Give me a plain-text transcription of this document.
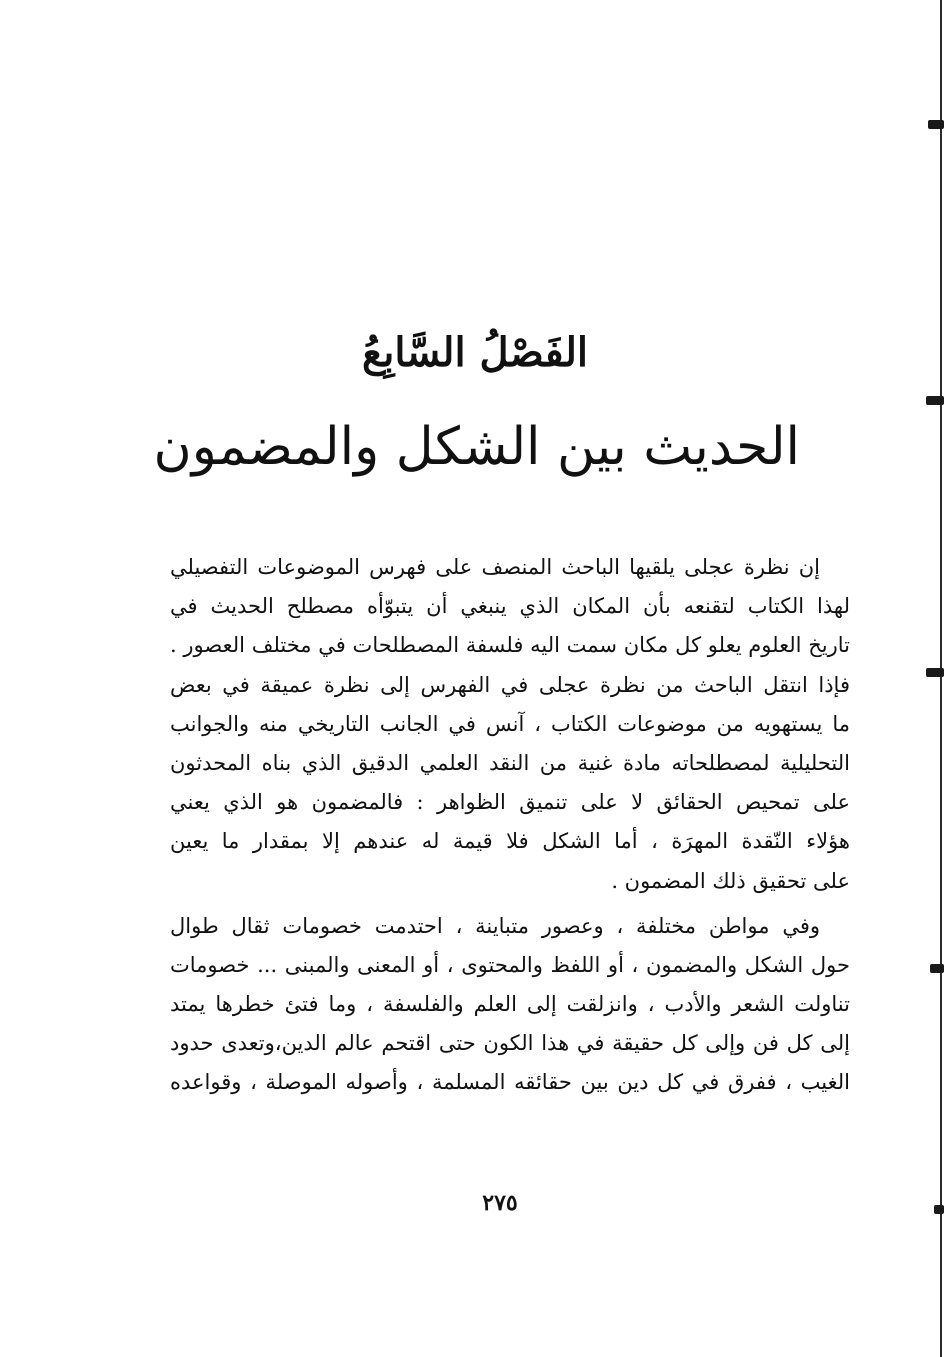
الفَصْلُ السَّابِعُ
الحديث بين الشكل والمضمون
إن نظرة عجلى يلقيها الباحث المنصف على فهرس الموضوعات التفصيلي
لهذا الكتاب لتقنعه بأن المكان الذي ينبغي أن يتبوّأه مصطلح الحديث في
تاريخ العلوم يعلو كل مكان سمت اليه فلسفة المصطلحات في مختلف العصور .
فإذا انتقل الباحث من نظرة عجلى في الفهرس إلى نظرة عميقة في بعض
ما يستهويه من موضوعات الكتاب ، آنس في الجانب التاريخي منه والجوانب
التحليلية لمصطلحاته مادة غنية من النقد العلمي الدقيق الذي بناه المحدثون
على تمحيص الحقائق لا على تنميق الظواهر : فالمضمون هو الذي يعني
هؤلاء النّقدة المهرَة ، أما الشكل فلا قيمة له عندهم إلا بمقدار ما يعين
على تحقيق ذلك المضمون .
وفي مواطن مختلفة ، وعصور متباينة ، احتدمت خصومات ثقال طوال
حول الشكل والمضمون ، أو اللفظ والمحتوى ، أو المعنى والمبنى ... خصومات
تناولت الشعر والأدب ، وانزلقت إلى العلم والفلسفة ، وما فتئ خطرها يمتد
إلى كل فن وإلى كل حقيقة في هذا الكون حتى اقتحم عالم الدين،وتعدى حدود
الغيب ، ففرق في كل دين بين حقائقه المسلمة ، وأصوله الموصلة ، وقواعده
٢٧٥
